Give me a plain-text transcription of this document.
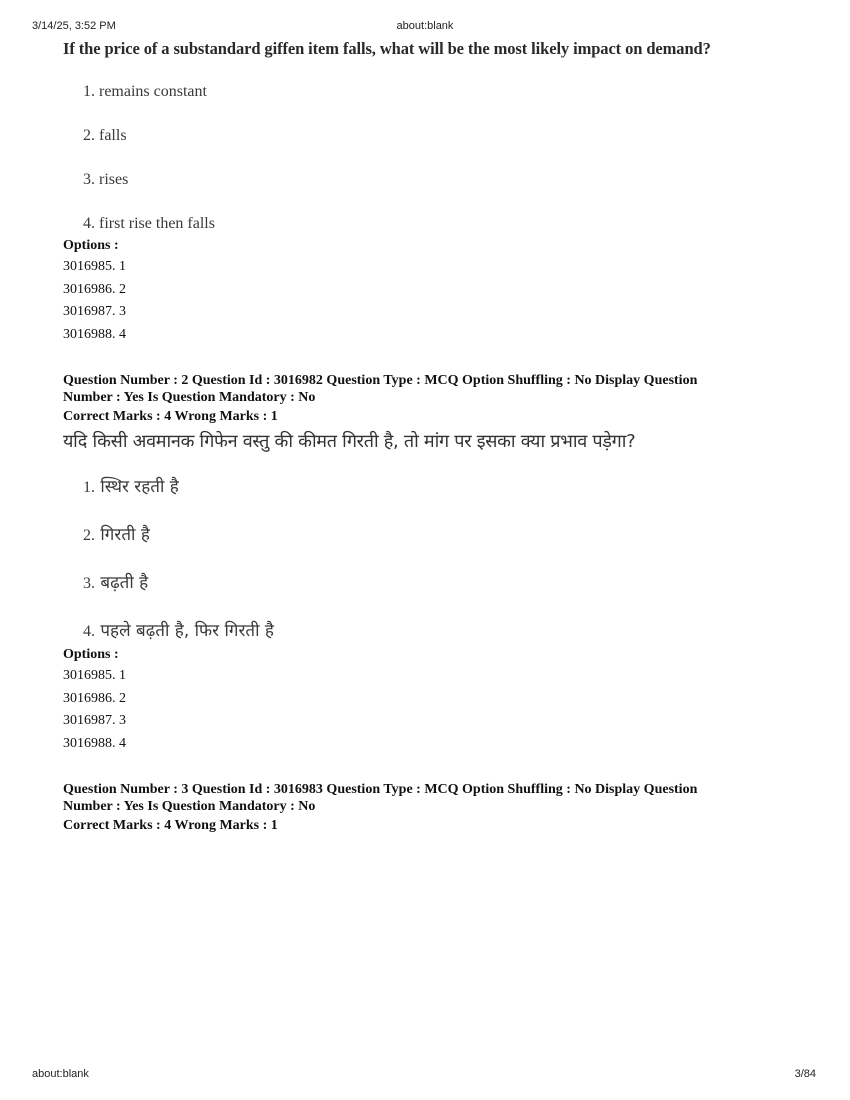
3/14/25, 3:52 PM	about:blank

If the price of a substandard giffen item falls, what will be the most likely impact on demand?

1. remains constant

2. falls

3. rises

4. first rise then falls

Options :
3016985. 1
3016986. 2
3016987. 3
3016988. 4
Question Number : 2 Question Id : 3016982 Question Type : MCQ Option Shuffling : No Display Question
Number : Yes Is Question Mandatory : No
Correct Marks : 4 Wrong Marks : 1
यदि किसी अवमानक गिफेन वस्तु की कीमत गिरती है, तो मांग पर इसका क्या प्रभाव पड़ेगा?
1. स्थिर रहती है
2. गिरती है
3. बढ़ती है
4. पहले बढ़ती है, फिर गिरती है
Options :
3016985. 1
3016986. 2
3016987. 3
3016988. 4
Question Number : 3 Question Id : 3016983 Question Type : MCQ Option Shuffling : No Display Question
Number : Yes Is Question Mandatory : No
Correct Marks : 4 Wrong Marks : 1
about:blank	3/84
